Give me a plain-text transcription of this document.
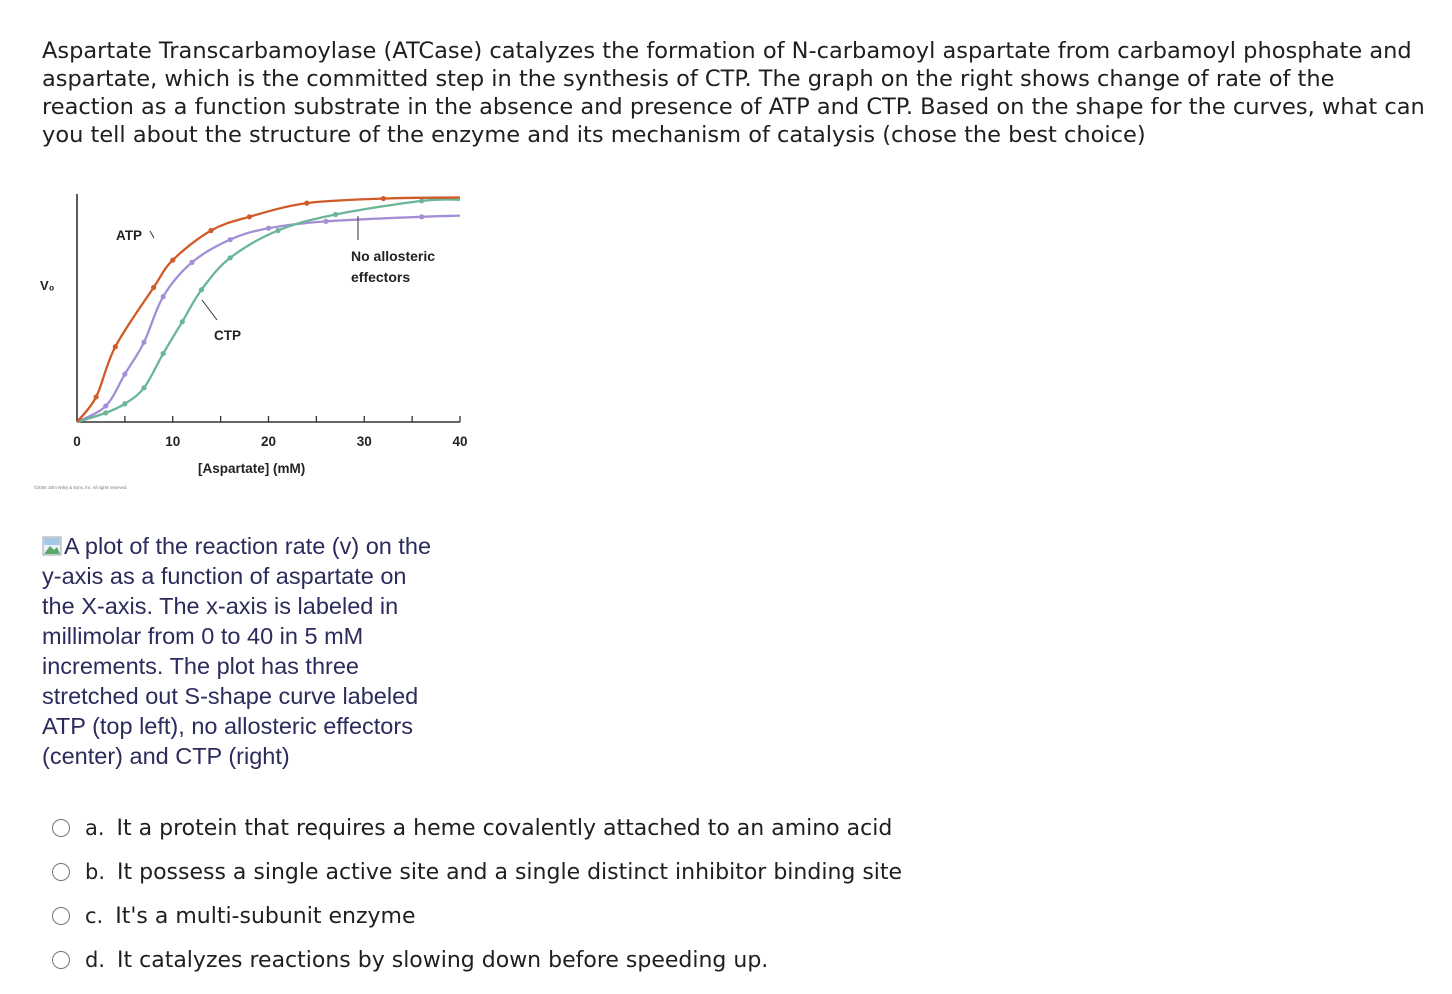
Aspartate Transcarbamoylase (ATCase) catalyzes the formation of N-carbamoyl aspartate from carbamoyl phosphate and aspartate, which is the committed step in the synthesis of CTP. The graph on the right shows change of rate of the reaction as a function substrate in the absence and presence of ATP and CTP. Based on the shape for the curves, what can you tell about the structure of the enzyme and its mechanism of catalysis (chose the best choice)
V₀
0	10	20	30	40
ATP
CTP
No allosteric
effectors
[Aspartate] (mM)
©2008 John Wiley & Sons, Inc. All rights reserved.
A plot of the reaction rate (v) on the y-axis as a function of aspartate on the X-axis. The x-axis is labeled in millimolar from 0 to 40 in 5 mM increments. The plot has three stretched out S-shape curve labeled ATP (top left), no allosteric effectors (center) and CTP (right)
a. It a protein that requires a heme covalently attached to an amino acid
b. It possess a single active site and a single distinct inhibitor binding site
c. It's a multi-subunit enzyme
d. It catalyzes reactions by slowing down before speeding up.
